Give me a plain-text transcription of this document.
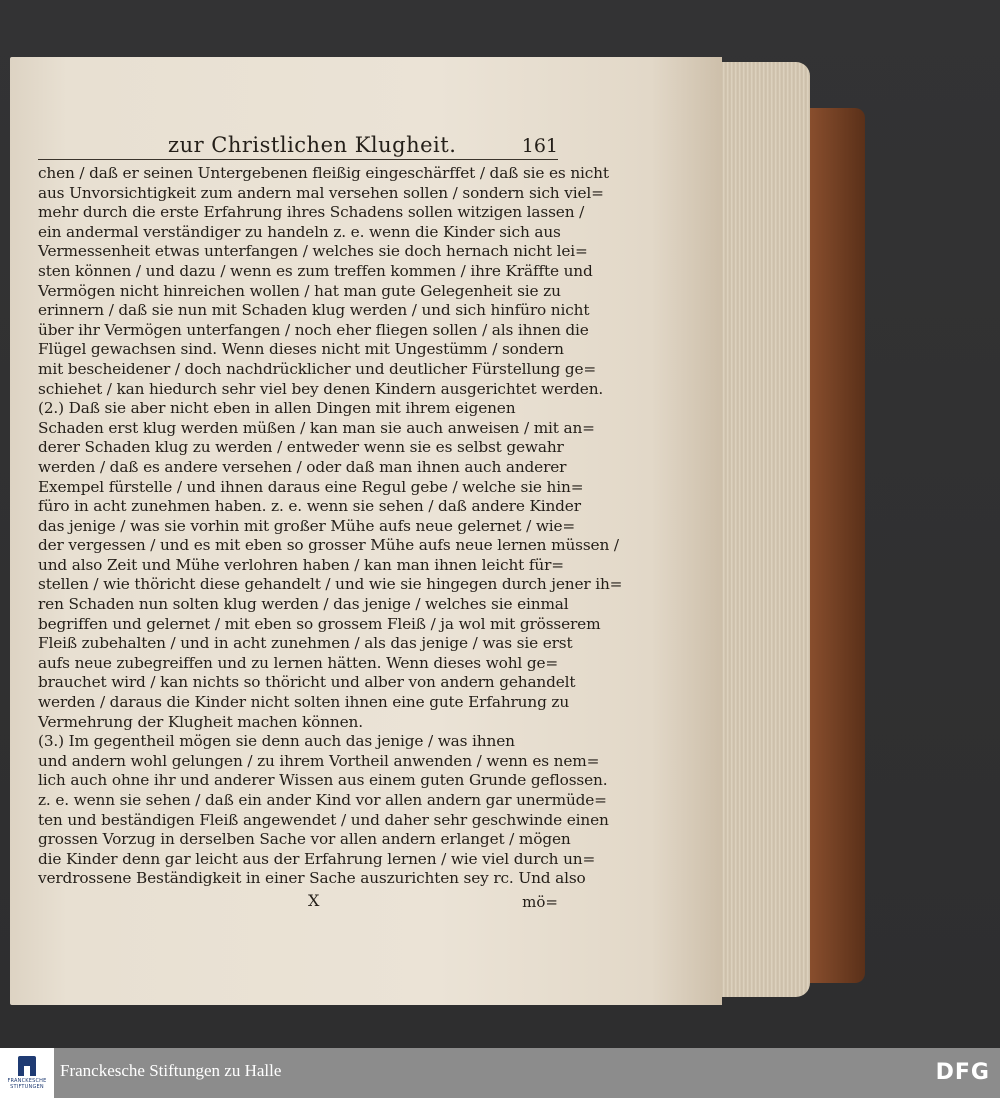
zur Christlichen Klugheit.	161
chen / daß er seinen Untergebenen fleißig eingeschärffet / daß sie es nicht
aus Unvorsichtigkeit zum andern mal versehen sollen / sondern sich viel=
mehr durch die erste Erfahrung ihres Schadens sollen witzigen lassen /
ein andermal verständiger zu handeln z. e. wenn die Kinder sich aus
Vermessenheit etwas unterfangen / welches sie doch hernach nicht lei=
sten können / und dazu / wenn es zum treffen kommen / ihre Kräffte und
Vermögen nicht hinreichen wollen / hat man gute Gelegenheit sie zu
erinnern / daß sie nun mit Schaden klug werden / und sich hinfüro nicht
über ihr Vermögen unterfangen / noch eher fliegen sollen / als ihnen die
Flügel gewachsen sind. Wenn dieses nicht mit Ungestümm / sondern
mit bescheidener / doch nachdrücklicher und deutlicher Fürstellung ge=
schiehet / kan hiedurch sehr viel bey denen Kindern ausgerichtet werden.
(2.) Daß sie aber nicht eben in allen Dingen mit ihrem eigenen
Schaden erst klug werden müßen / kan man sie auch anweisen / mit an=
derer Schaden klug zu werden / entweder wenn sie es selbst gewahr
werden / daß es andere versehen / oder daß man ihnen auch anderer
Exempel fürstelle / und ihnen daraus eine Regul gebe / welche sie hin=
füro in acht zunehmen haben. z. e. wenn sie sehen / daß andere Kinder
das jenige / was sie vorhin mit großer Mühe aufs neue gelernet / wie=
der vergessen / und es mit eben so grosser Mühe aufs neue lernen müssen /
und also Zeit und Mühe verlohren haben / kan man ihnen leicht für=
stellen / wie thöricht diese gehandelt / und wie sie hingegen durch jener ih=
ren Schaden nun solten klug werden / das jenige / welches sie einmal
begriffen und gelernet / mit eben so grossem Fleiß / ja wol mit grösserem
Fleiß zubehalten / und in acht zunehmen / als das jenige / was sie erst
aufs neue zubegreiffen und zu lernen hätten. Wenn dieses wohl ge=
brauchet wird / kan nichts so thöricht und alber von andern gehandelt
werden / daraus die Kinder nicht solten ihnen eine gute Erfahrung zu
Vermehrung der Klugheit machen können.
(3.) Im gegentheil mögen sie denn auch das jenige / was ihnen
und andern wohl gelungen / zu ihrem Vortheil anwenden / wenn es nem=
lich auch ohne ihr und anderer Wissen aus einem guten Grunde geflossen.
z. e. wenn sie sehen / daß ein ander Kind vor allen andern gar unermüde=
ten und beständigen Fleiß angewendet / und daher sehr geschwinde einen
grossen Vorzug in derselben Sache vor allen andern erlanget / mögen
die Kinder denn gar leicht aus der Erfahrung lernen / wie viel durch un=
verdrossene Beständigkeit in einer Sache auszurichten sey rc. Und also
X	mö=
FRANCKESCHE STIFTUNGEN
Franckesche Stiftungen zu Halle	DFG
